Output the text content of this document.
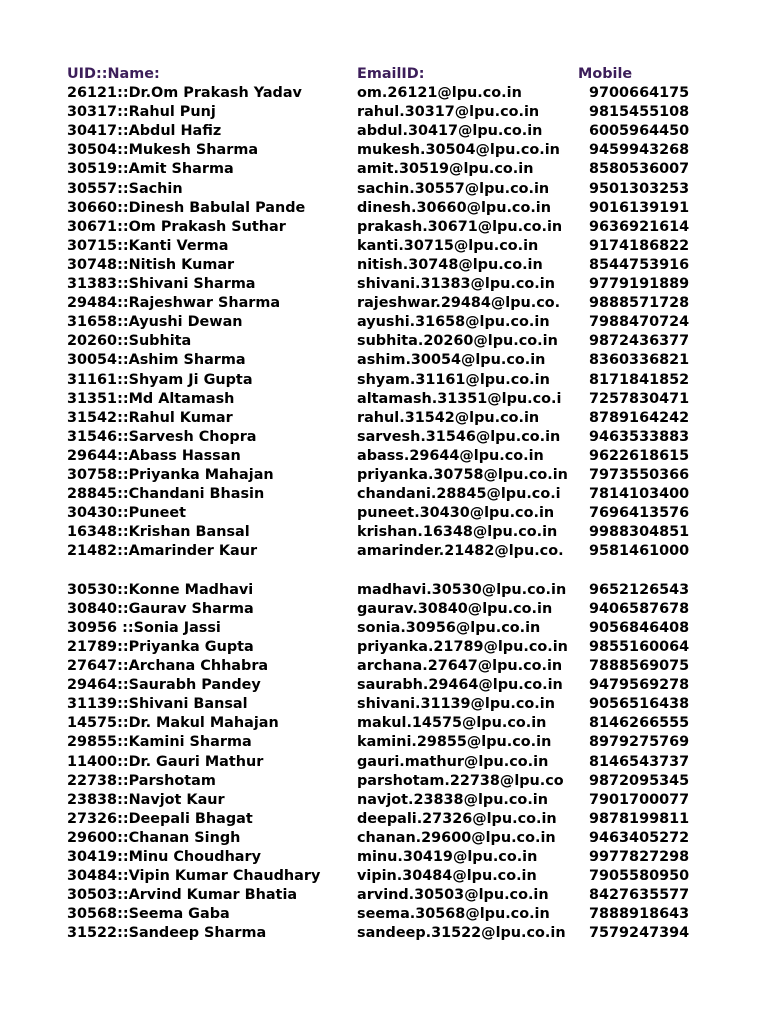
UID::Name:	EmailID:	Mobile
26121::Dr.Om Prakash Yadav	om.26121@lpu.co.in	9700664175
30317::Rahul Punj	rahul.30317@lpu.co.in	9815455108
30417::Abdul Hafiz	abdul.30417@lpu.co.in	6005964450
30504::Mukesh Sharma	mukesh.30504@lpu.co.in	9459943268
30519::Amit Sharma	amit.30519@lpu.co.in	8580536007
30557::Sachin	sachin.30557@lpu.co.in	9501303253
30660::Dinesh Babulal Pande	dinesh.30660@lpu.co.in	9016139191
30671::Om Prakash Suthar	prakash.30671@lpu.co.in	9636921614
30715::Kanti Verma	kanti.30715@lpu.co.in	9174186822
30748::Nitish Kumar	nitish.30748@lpu.co.in	8544753916
31383::Shivani Sharma	shivani.31383@lpu.co.in	9779191889
29484::Rajeshwar Sharma	rajeshwar.29484@lpu.co.	9888571728
31658::Ayushi Dewan	ayushi.31658@lpu.co.in	7988470724
20260::Subhita	subhita.20260@lpu.co.in	9872436377
30054::Ashim Sharma	ashim.30054@lpu.co.in	8360336821
31161::Shyam Ji Gupta	shyam.31161@lpu.co.in	8171841852
31351::Md Altamash	altamash.31351@lpu.co.i	7257830471
31542::Rahul Kumar	rahul.31542@lpu.co.in	8789164242
31546::Sarvesh Chopra	sarvesh.31546@lpu.co.in	9463533883
29644::Abass Hassan	abass.29644@lpu.co.in	9622618615
30758::Priyanka Mahajan	priyanka.30758@lpu.co.in	7973550366
28845::Chandani Bhasin	chandani.28845@lpu.co.i	7814103400
30430::Puneet	puneet.30430@lpu.co.in	7696413576
16348::Krishan Bansal	krishan.16348@lpu.co.in	9988304851
21482::Amarinder Kaur	amarinder.21482@lpu.co.	9581461000
30530::Konne Madhavi	madhavi.30530@lpu.co.in	9652126543
30840::Gaurav Sharma	gaurav.30840@lpu.co.in	9406587678
30956 ::Sonia Jassi	sonia.30956@lpu.co.in	9056846408
21789::Priyanka Gupta	priyanka.21789@lpu.co.in	9855160064
27647::Archana Chhabra	archana.27647@lpu.co.in	7888569075
29464::Saurabh Pandey	saurabh.29464@lpu.co.in	9479569278
31139::Shivani Bansal	shivani.31139@lpu.co.in	9056516438
14575::Dr. Makul Mahajan	makul.14575@lpu.co.in	8146266555
29855::Kamini Sharma	kamini.29855@lpu.co.in	8979275769
11400::Dr. Gauri Mathur	gauri.mathur@lpu.co.in	8146543737
22738::Parshotam	parshotam.22738@lpu.co	9872095345
23838::Navjot Kaur	navjot.23838@lpu.co.in	7901700077
27326::Deepali Bhagat	deepali.27326@lpu.co.in	9878199811
29600::Chanan Singh	chanan.29600@lpu.co.in	9463405272
30419::Minu Choudhary	minu.30419@lpu.co.in	9977827298
30484::Vipin Kumar Chaudhary	vipin.30484@lpu.co.in	7905580950
30503::Arvind Kumar Bhatia	arvind.30503@lpu.co.in	8427635577
30568::Seema Gaba	seema.30568@lpu.co.in	7888918643
31522::Sandeep Sharma	sandeep.31522@lpu.co.in	7579247394
